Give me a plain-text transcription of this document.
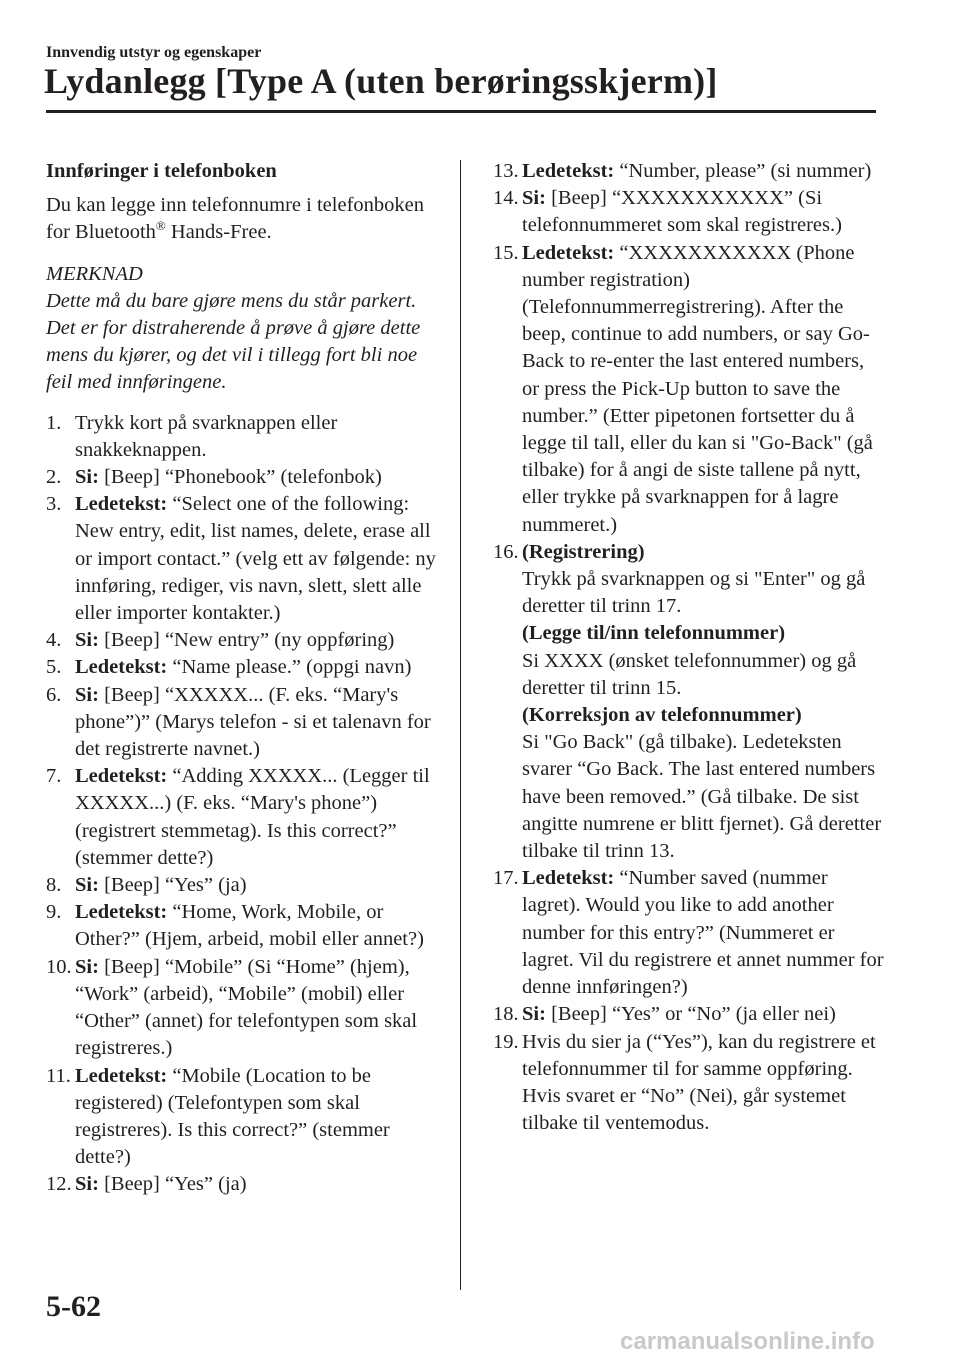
Innvendig utstyr og egenskaper
Lydanlegg [Type A (uten berøringsskjerm)]
Innføringer i telefonboken

Du kan legge inn telefonnumre i telefonboken for Bluetooth® Hands-Free.

MERKNAD

Dette må du bare gjøre mens du står parkert. Det er for distraherende å prøve å gjøre dette mens du kjører, og det vil i tillegg fort bli noe feil med innføringene.

1. Trykk kort på svarknappen eller snakkeknappen.
2. Si: [Beep] “Phonebook” (telefonbok)
3. Ledetekst: “Select one of the following: New entry, edit, list names, delete, erase all or import contact.” (velg ett av følgende: ny innføring, rediger, vis navn, slett, slett alle eller importer kontakter.)
4. Si: [Beep] “New entry” (ny oppføring)
5. Ledetekst: “Name please.” (oppgi navn)
6. Si: [Beep] “XXXXX... (F. eks. “Mary's phone”)” (Marys telefon - si et talenavn for det registrerte navnet.)
7. Ledetekst: “Adding XXXXX... (Legger til XXXXX...) (F. eks. “Mary's phone”) (registrert stemmetag). Is this correct?” (stemmer dette?)
8. Si: [Beep] “Yes” (ja)
9. Ledetekst: “Home, Work, Mobile, or Other?” (Hjem, arbeid, mobil eller annet?)
10. Si: [Beep] “Mobile” (Si “Home” (hjem), “Work” (arbeid), “Mobile” (mobil) eller “Other” (annet) for telefontypen som skal registreres.)
11. Ledetekst: “Mobile (Location to be registered) (Telefontypen som skal registreres). Is this correct?” (stemmer dette?)
12. Si: [Beep] “Yes” (ja)
13. Ledetekst: “Number, please” (si nummer)
14. Si: [Beep] “XXXXXXXXXXX” (Si telefonnummeret som skal registreres.)
15. Ledetekst: “XXXXXXXXXXX (Phone number registration) (Telefonnummerregistrering). After the beep, continue to add numbers, or say Go-Back to re-enter the last entered numbers, or press the Pick-Up button to save the number.” (Etter pipetonen fortsetter du å legge til tall, eller du kan si "Go-Back" (gå tilbake) for å angi de siste tallene på nytt, eller trykke på svarknappen for å lagre nummeret.)
16. (Registrering)
Trykk på svarknappen og si "Enter" og gå deretter til trinn 17.
(Legge til/inn telefonnummer)
Si XXXX (ønsket telefonnummer) og gå deretter til trinn 15.
(Korreksjon av telefonnummer)
Si "Go Back" (gå tilbake). Ledeteksten svarer “Go Back. The last entered numbers have been removed.” (Gå tilbake. De sist angitte numrene er blitt fjernet). Gå deretter tilbake til trinn 13.
17. Ledetekst: “Number saved (nummer lagret). Would you like to add another number for this entry?” (Nummeret er lagret. Vil du registrere et annet nummer for denne innføringen?)
18. Si: [Beep] “Yes” or “No” (ja eller nei)
19. Hvis du sier ja (“Yes”), kan du registrere et telefonnummer til for samme oppføring.
Hvis svaret er “No” (Nei), går systemet tilbake til ventemodus.
5-62
carmanualsonline.info
